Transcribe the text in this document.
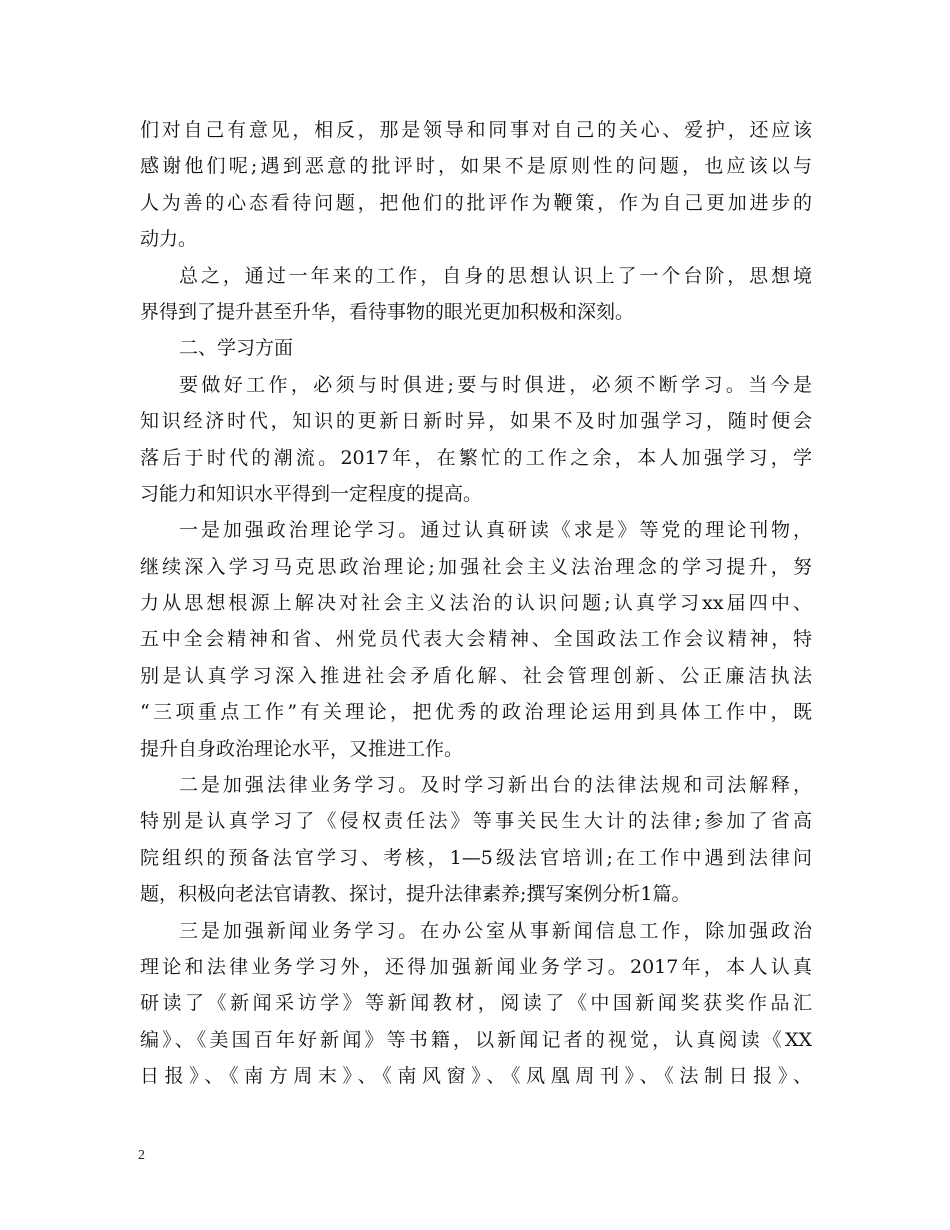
们对自己有意见，相反，那是领导和同事对自己的关心、爱护，还应该
感谢他们呢;遇到恶意的批评时，如果不是原则性的问题，也应该以与
人为善的心态看待问题，把他们的批评作为鞭策，作为自己更加进步的
动力。
总之，通过一年来的工作，自身的思想认识上了一个台阶，思想境
界得到了提升甚至升华，看待事物的眼光更加积极和深刻。
二、学习方面
要做好工作，必须与时俱进;要与时俱进，必须不断学习。当今是
知识经济时代，知识的更新日新时异，如果不及时加强学习，随时便会
落后于时代的潮流。2017年，在繁忙的工作之余，本人加强学习，学
习能力和知识水平得到一定程度的提高。
一是加强政治理论学习。通过认真研读《求是》等党的理论刊物，
继续深入学习马克思政治理论;加强社会主义法治理念的学习提升，努
力从思想根源上解决对社会主义法治的认识问题;认真学习xx届四中、
五中全会精神和省、州党员代表大会精神、全国政法工作会议精神，特
别是认真学习深入推进社会矛盾化解、社会管理创新、公正廉洁执法
“三项重点工作”有关理论，把优秀的政治理论运用到具体工作中，既
提升自身政治理论水平，又推进工作。
二是加强法律业务学习。及时学习新出台的法律法规和司法解释，
特别是认真学习了《侵权责任法》等事关民生大计的法律;参加了省高
院组织的预备法官学习、考核，1—5级法官培训;在工作中遇到法律问
题，积极向老法官请教、探讨，提升法律素养;撰写案例分析1篇。
三是加强新闻业务学习。在办公室从事新闻信息工作，除加强政治
理论和法律业务学习外，还得加强新闻业务学习。2017年，本人认真
研读了《新闻采访学》等新闻教材，阅读了《中国新闻奖获奖作品汇
编》、《美国百年好新闻》等书籍，以新闻记者的视觉，认真阅读《XX
日报》、《南方周末》、《南风窗》、《凤凰周刊》、《法制日报》、
2
